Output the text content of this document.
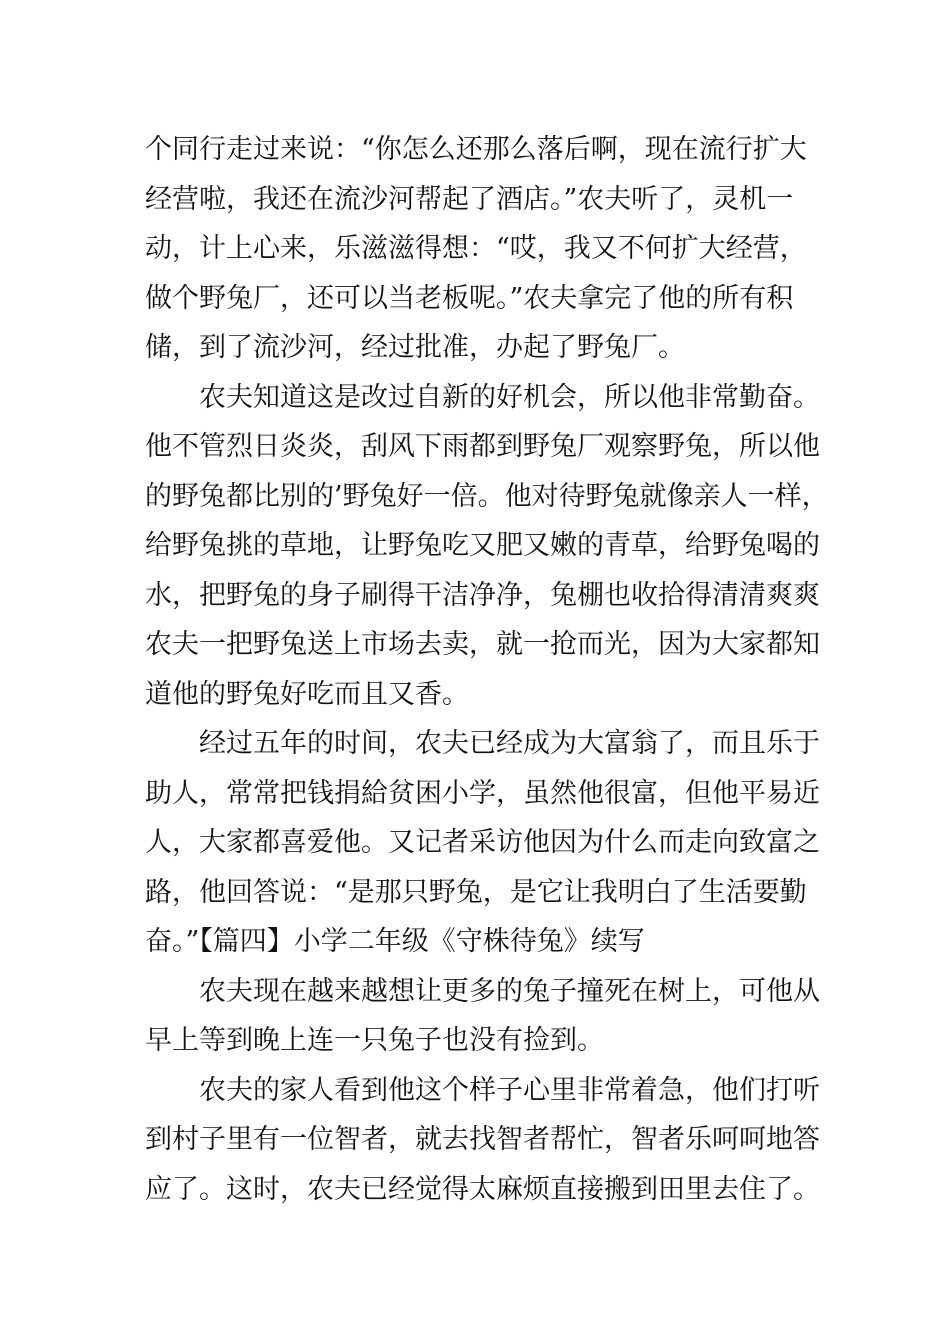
个同行走过来说：“你怎么还那么落后啊，现在流行扩大
经营啦，我还在流沙河帮起了酒店。”农夫听了，灵机一
动，计上心来，乐滋滋得想：“哎，我又不何扩大经营，
做个野兔厂，还可以当老板呢。”农夫拿完了他的所有积
储，到了流沙河，经过批准，办起了野兔厂。
农夫知道这是改过自新的好机会，所以他非常勤奋。
他不管烈日炎炎，刮风下雨都到野兔厂观察野兔，所以他
的野兔都比别的’野兔好一倍。他对待野兔就像亲人一样，
给野兔挑的草地，让野兔吃又肥又嫩的青草，给野兔喝的
水，把野兔的身子刷得干洁净净，兔棚也收拾得清清爽爽
农夫一把野兔送上市场去卖，就一抢而光，因为大家都知
道他的野兔好吃而且又香。
经过五年的时间，农夫已经成为大富翁了，而且乐于
助人，常常把钱捐給贫困小学，虽然他很富，但他平易近
人，大家都喜爱他。又记者采访他因为什么而走向致富之
路，他回答说：“是那只野兔，是它让我明白了生活要勤
奋。”【篇四】小学二年级《守株待兔》续写
农夫现在越来越想让更多的兔子撞死在树上，可他从
早上等到晚上连一只兔子也没有捡到。
农夫的家人看到他这个样子心里非常着急，他们打听
到村子里有一位智者，就去找智者帮忙，智者乐呵呵地答
应了。这时，农夫已经觉得太麻烦直接搬到田里去住了。
